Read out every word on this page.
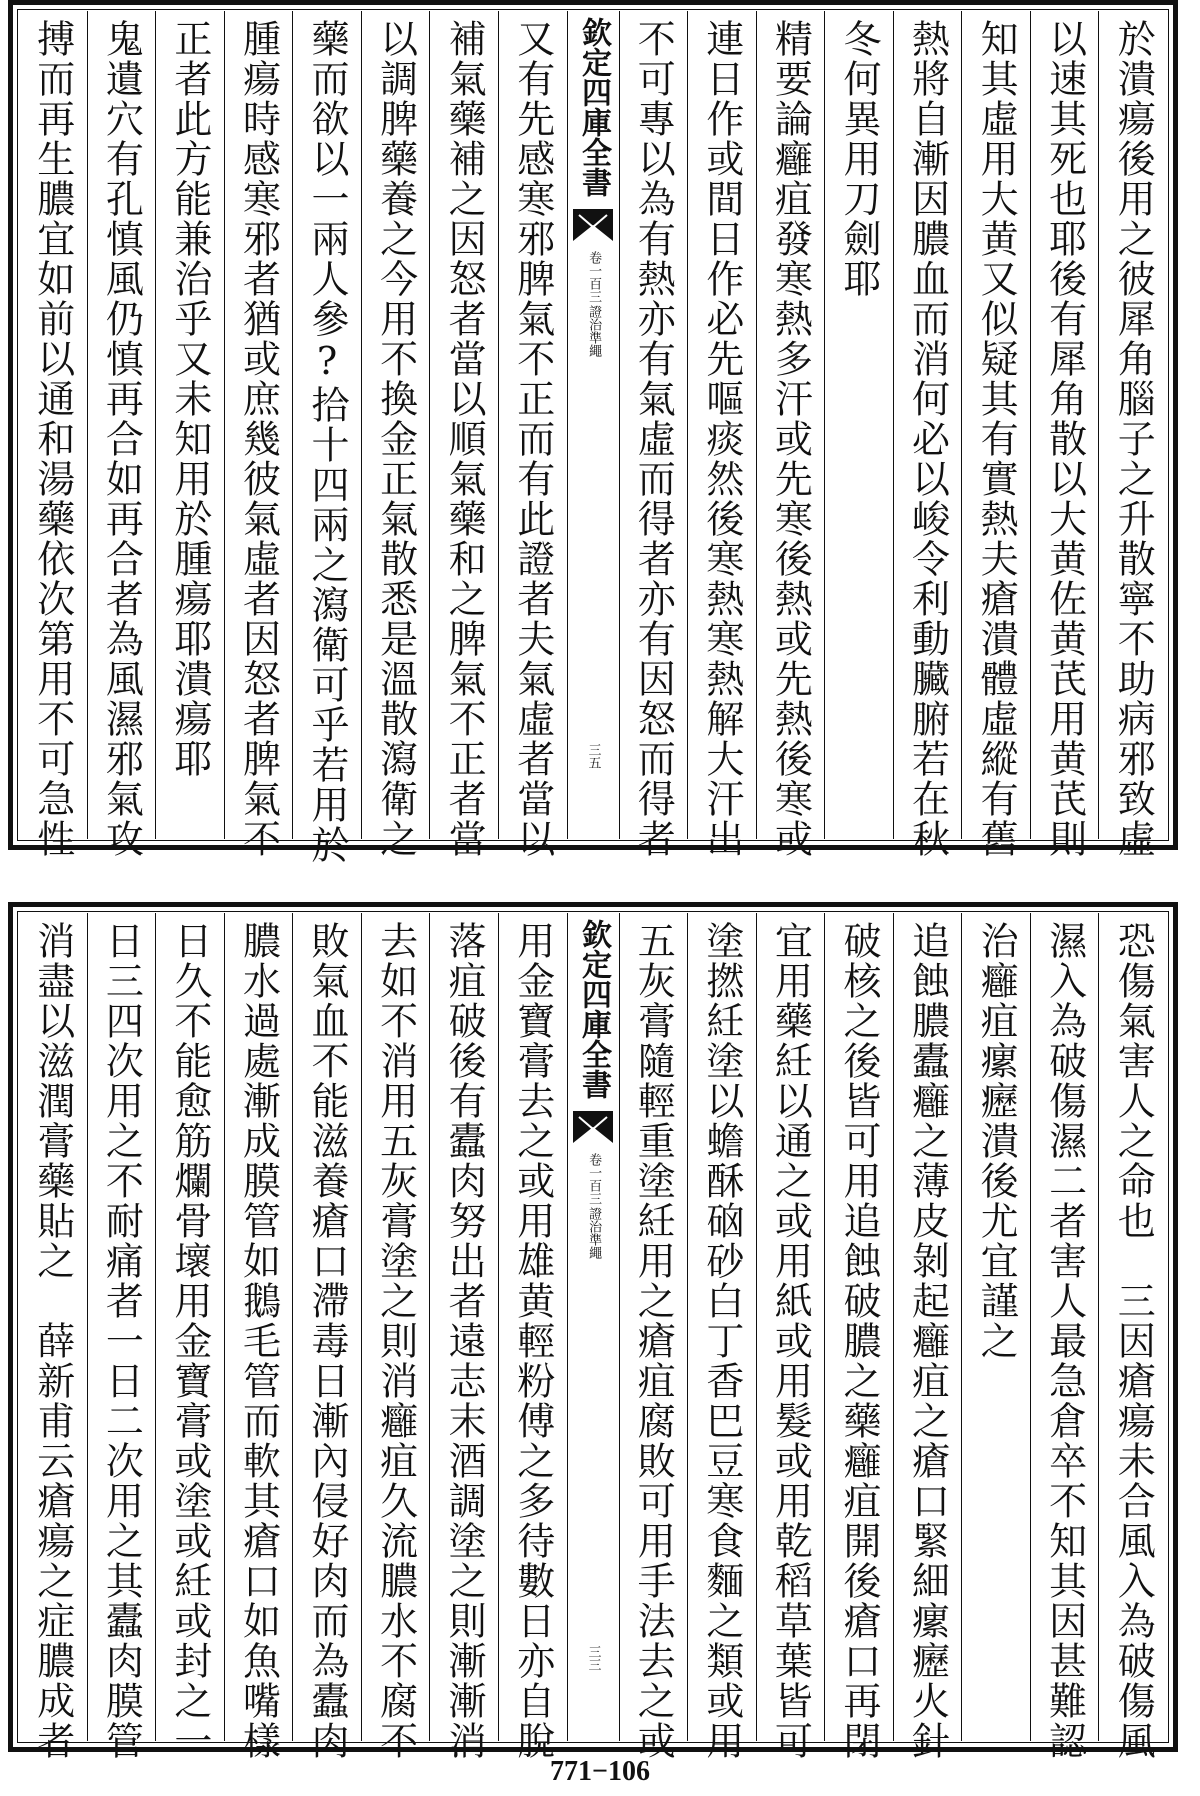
於潰瘍後用之彼犀角腦子之升散寧不助病邪致虛
以速其死也耶後有犀角散以大黄佐黄芪用黄芪則
知其虛用大黄又似疑其有實熱夫瘡潰體虛縱有舊
熱將自漸因膿血而消何必以峻令利動臟腑若在秋
冬何異用刀劍耶
精要論癰疽發寒熱多汗或先寒後熱或先熱後寒或
連日作或間日作必先嘔痰然後寒熱寒熱解大汗出
不可專以為有熱亦有氣虛而得者亦有因怒而得者
欽定四庫全書
證治準繩
卷一百三
三五
又有先感寒邪脾氣不正而有此證者夫氣虛者當以
補氣藥補之因怒者當以順氣藥和之脾氣不正者當
以調脾藥養之今用不換金正氣散悉是溫散瀉衛之
藥而欲以一兩人參?拾十四兩之瀉衛可乎若用於
腫瘍時感寒邪者猶或庶幾彼氣虛者因怒者脾氣不
正者此方能兼治乎又未知用於腫瘍耶潰瘍耶
鬼遺穴有孔慎風仍慎再合如再合者為風濕邪氣攻
搏而再生膿宜如前以通和湯藥依次第用不可急性
恐傷氣害人之命也　三因瘡瘍未合風入為破傷風
濕入為破傷濕二者害人最急倉卒不知其因甚難認
治癰疽瘰癧潰後尤宜謹之
追蝕膿蠹癰之薄皮剝起癰疽之瘡口緊細瘰癧火針
破核之後皆可用追蝕破膿之藥癰疽開後瘡口再閉
宜用藥紝以通之或用紙或用髮或用乾稻草葉皆可
塗撚紝塗以蟾酥硇砂白丁香巴豆寒食麵之類或用
五灰膏隨輕重塗紝用之瘡疽腐敗可用手法去之或
欽定四庫全書
證治準繩
卷一百三
三三
用金寶膏去之或用雄黄輕粉傅之多待數日亦自脫
落疽破後有蠹肉努出者遠志末酒調塗之則漸漸消
去如不消用五灰膏塗之則消癰疽久流膿水不腐不
敗氣血不能滋養瘡口滯毒日漸內侵好肉而為蠹肉
膿水過處漸成膜管如鵝毛管而軟其瘡口如魚嘴樣
日久不能愈筋爛骨壞用金寶膏或塗或紝或封之一
日三四次用之不耐痛者一日二次用之其蠹肉膜管
消盡以滋潤膏藥貼之　薛新甫云瘡瘍之症膿成者
771−106
